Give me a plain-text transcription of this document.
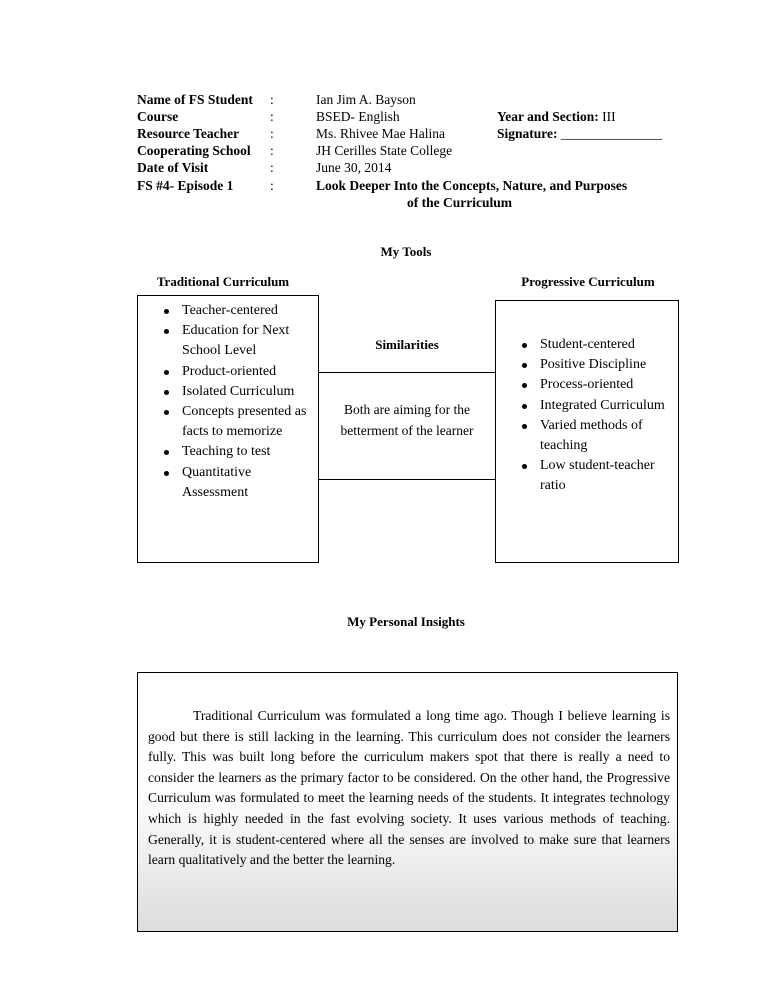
Name of FS Student :	Ian Jim A. Bayson
Course	:	BSED- English	Year and Section: III
Resource Teacher :	Ms. Rhivee Mae Halina	Signature: _______________
Cooperating School :	JH Cerilles State College
Date of Visit	:	June 30, 2014
FS #4- Episode 1	:	Look Deeper Into the Concepts, Nature, and Purposes
of the Curriculum
My Tools
Traditional Curriculum	Progressive Curriculum
Teacher-centered
Education for Next School Level
Product-oriented
Isolated Curriculum
Concepts presented as facts to memorize
Teaching to test
Quantitative Assessment
Similarities
Both are aiming for the betterment of the learner
Student-centered
Positive Discipline
Process-oriented
Integrated Curriculum
Varied methods of teaching
Low student-teacher ratio
My Personal Insights
Traditional Curriculum was formulated a long time ago. Though I believe learning is good but there is still lacking in the learning. This curriculum does not consider the learners fully. This was built long before the curriculum makers spot that there is really a need to consider the learners as the primary factor to be considered. On the other hand, the Progressive Curriculum was formulated to meet the learning needs of the students. It integrates technology which is highly needed in the fast evolving society. It uses various methods of teaching. Generally, it is student-centered where all the senses are involved to make sure that learners learn qualitatively and the better the learning.
